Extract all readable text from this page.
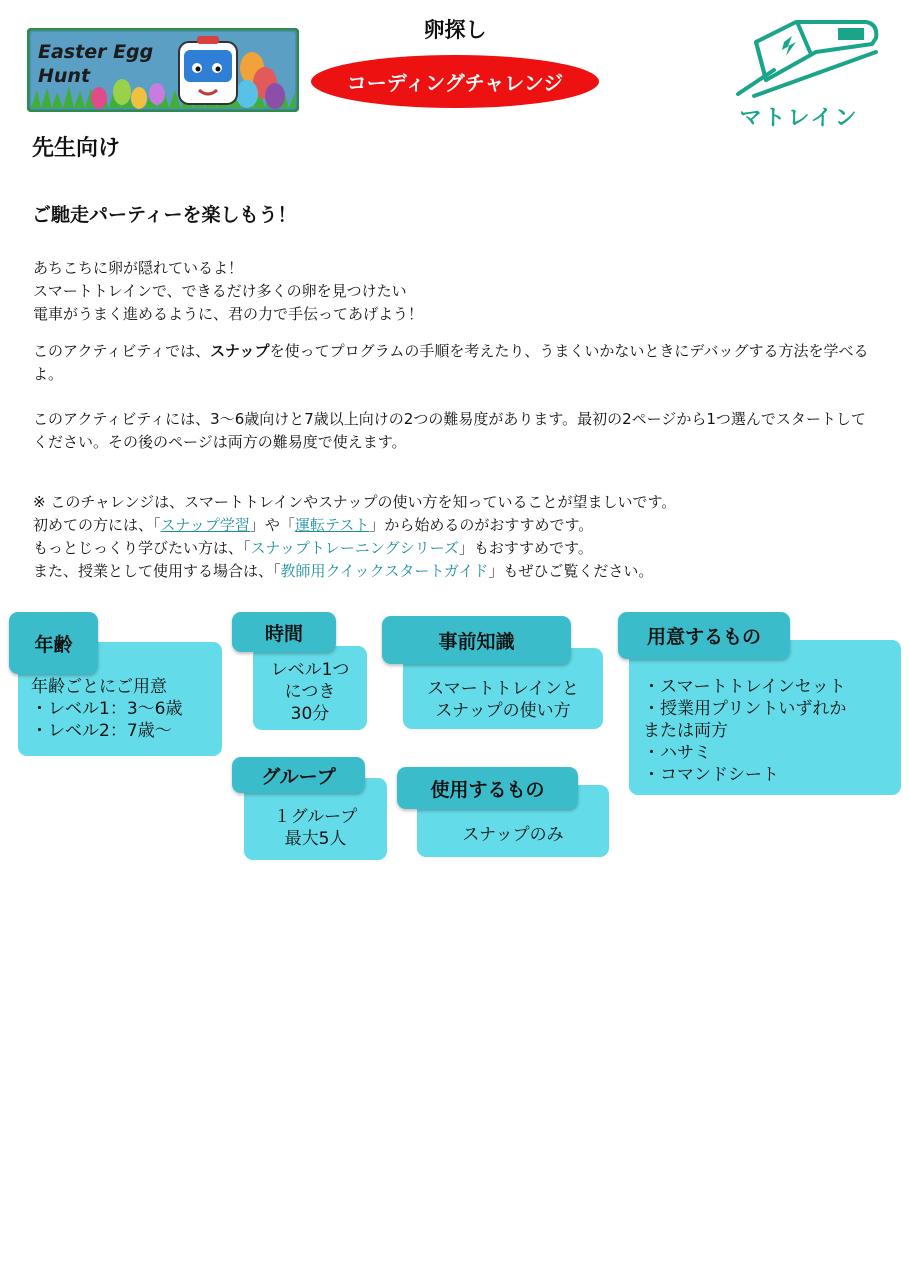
Easter Egg Hunt
卵探し
コーディングチャレンジ
マトレイン
先生向け
ご馳走パーティーを楽しもう！
あちこちに卵が隠れているよ！
スマートトレインで、できるだけ多くの卵を見つけたい
電車がうまく進めるように、君の力で手伝ってあげよう！
このアクティビティでは、スナップを使ってプログラムの手順を考えたり、うまくいかないときにデバッグする方法を学べるよ。
このアクティビティには、3〜6歳向けと7歳以上向けの2つの難易度があります。最初の2ページから1つ選んでスタートしてください。その後のページは両方の難易度で使えます。
※ このチャレンジは、スマートトレインやスナップの使い方を知っていることが望ましいです。
初めての方には、「スナップ学習」や「運転テスト」から始めるのがおすすめです。
もっとじっくり学びたい方は、「スナップトレーニングシリーズ」もおすすめです。
また、授業として使用する場合は、「教師用クイックスタートガイド」もぜひご覧ください。
年齢ごとにご用意
・レベル1：3〜6歳
・レベル2：7歳〜
年齢
レベル1つ
につき
30分
時間
スマートトレインと
スナップの使い方
事前知識
・スマートトレインセット
・授業用プリントいずれか
または両方
・ハサミ
・コマンドシート
用意するもの
１グループ
最大5人
グループ
スナップのみ
使用するもの
